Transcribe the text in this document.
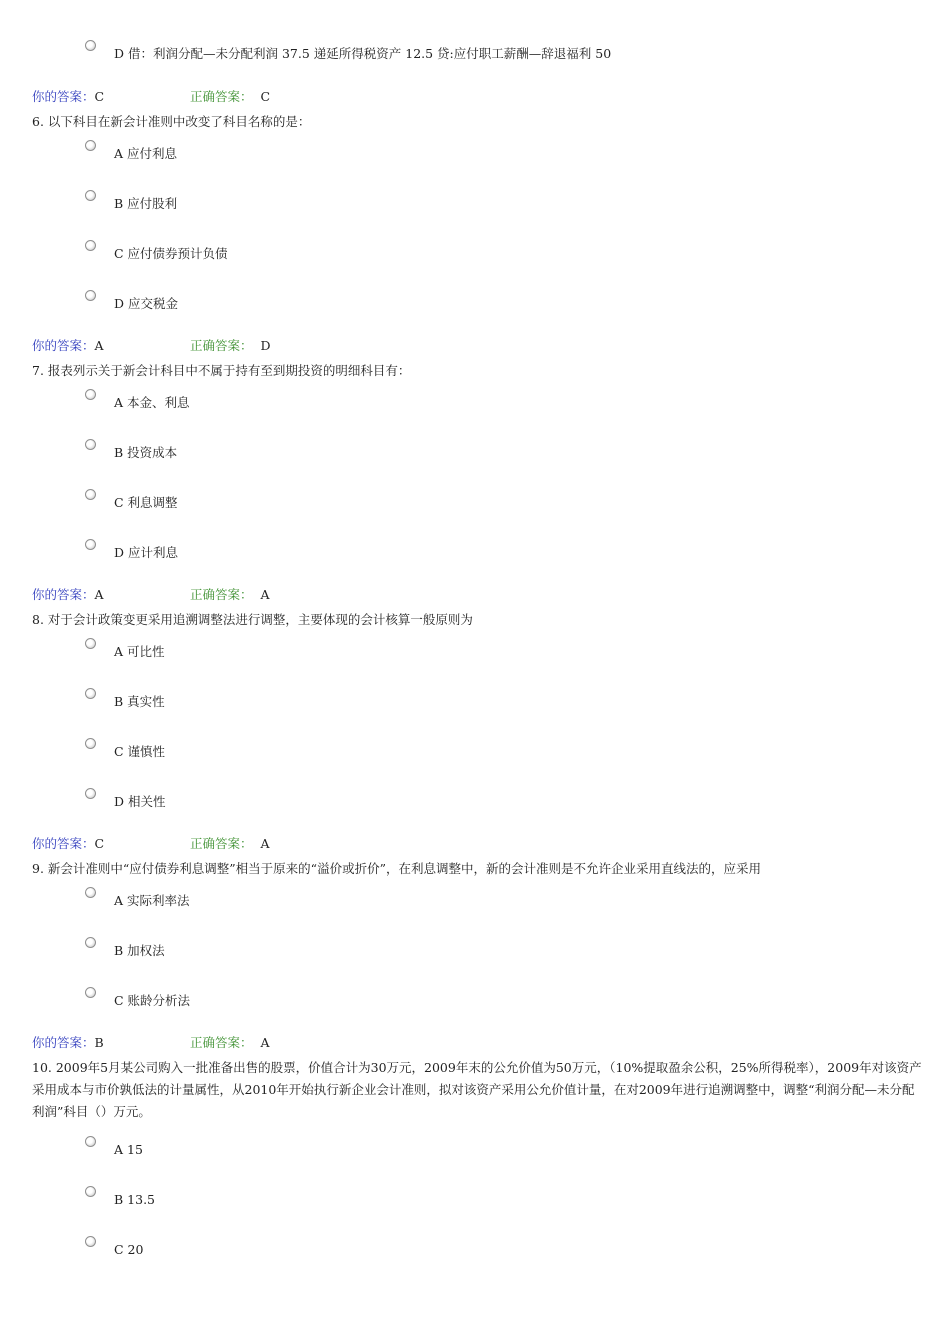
D 借：利润分配—未分配利润 37.5 递延所得税资产 12.5 贷:应付职工薪酬—辞退福利 50
你的答案：C	正确答案： C
6. 以下科目在新会计准则中改变了科目名称的是：
A 应付利息
B 应付股利
C 应付债券预计负债
D 应交税金
你的答案：A	正确答案： D
7. 报表列示关于新会计科目中不属于持有至到期投资的明细科目有：
A 本金、利息
B 投资成本
C 利息调整
D 应计利息
你的答案：A	正确答案： A
8. 对于会计政策变更采用追溯调整法进行调整，主要体现的会计核算一般原则为
A 可比性
B 真实性
C 谨慎性
D 相关性
你的答案：C	正确答案： A
9. 新会计准则中“应付债券利息调整”相当于原来的“溢价或折价”，在利息调整中，新的会计准则是不允许企业采用直线法的，应采用
A 实际利率法
B 加权法
C 账龄分析法
你的答案：B	正确答案： A
10. 2009年5月某公司购入一批准备出售的股票，价值合计为30万元，2009年末的公允价值为50万元，（10%提取盈余公积，25%所得税率），2009年对该资产采用成本与市价孰低法的计量属性，从2010年开始执行新企业会计准则，拟对该资产采用公允价值计量，在对2009年进行追溯调整中，调整“利润分配—未分配利润”科目（）万元。
A 15
B 13.5
C 20
